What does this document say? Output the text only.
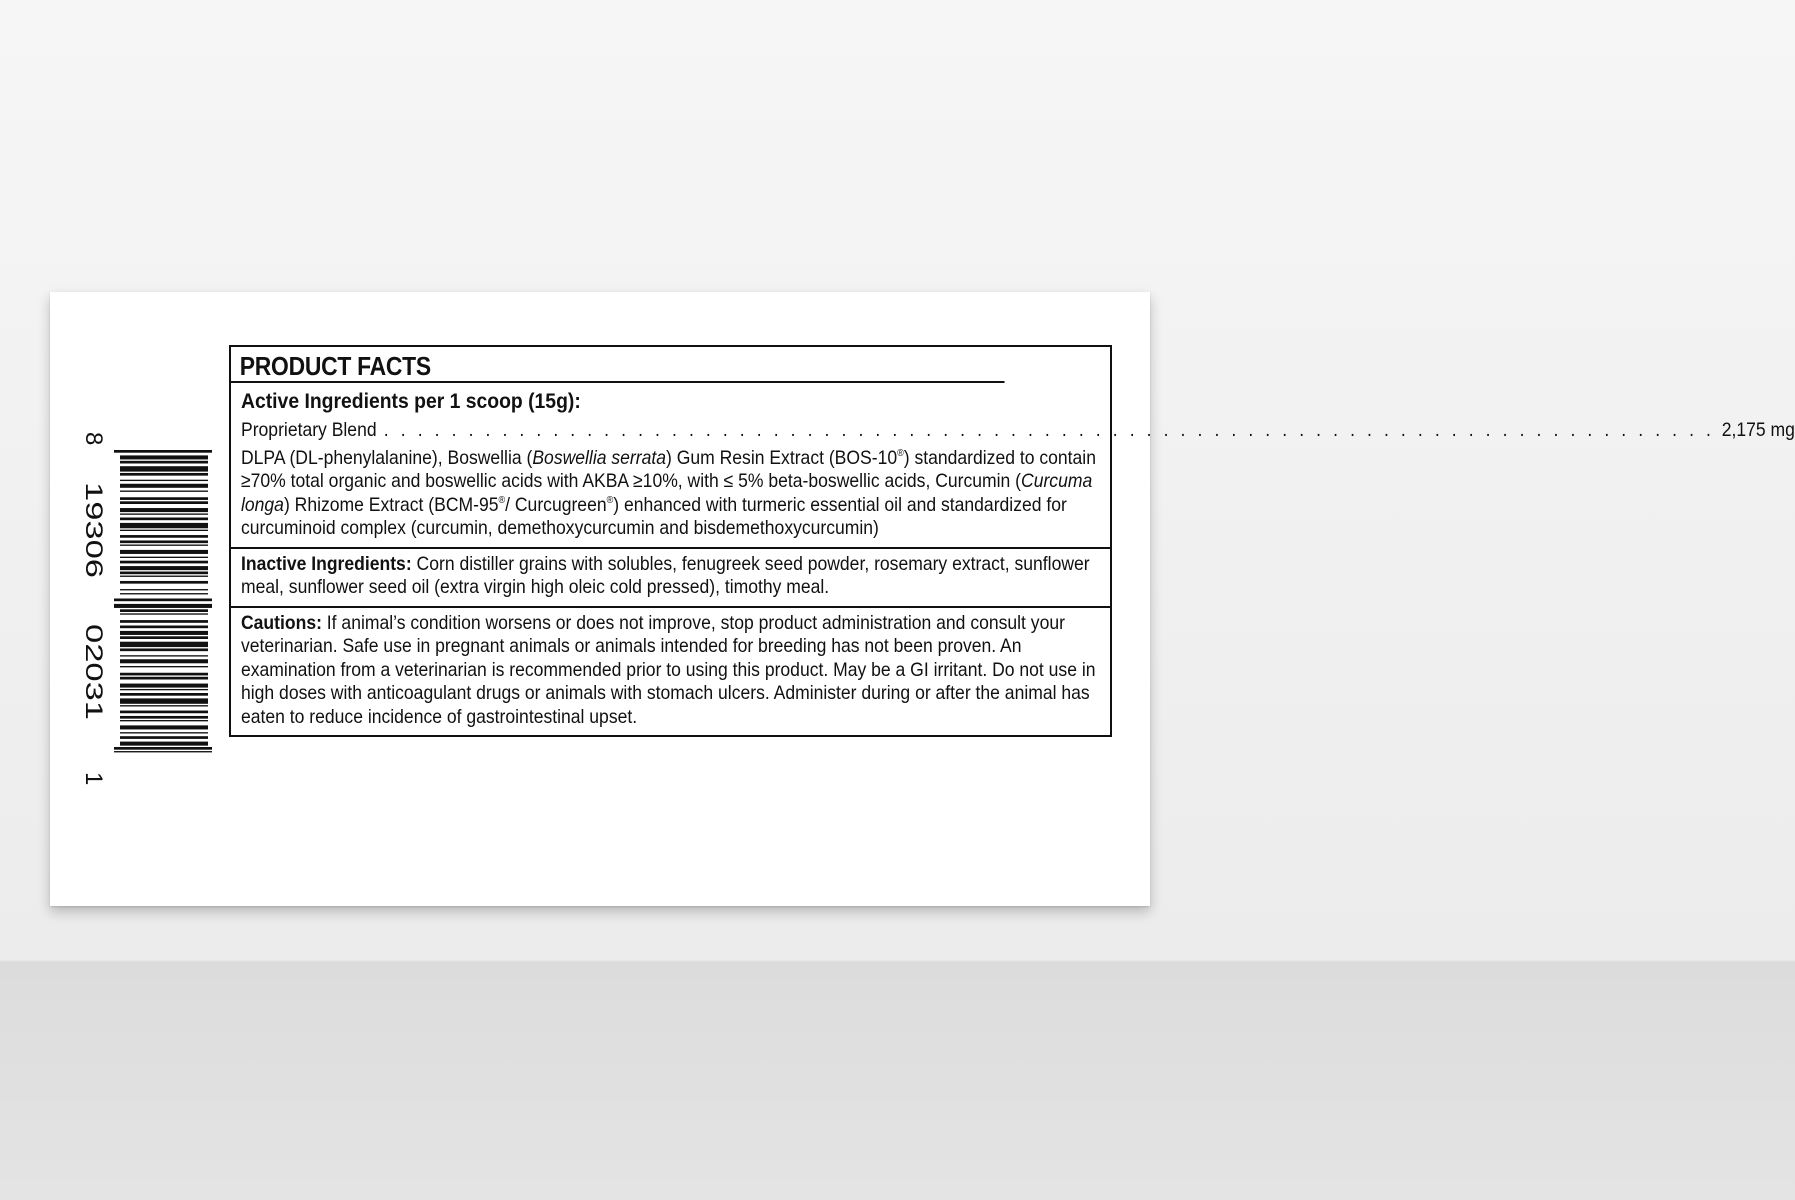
PRODUCT FACTS
Active Ingredients per 1 scoop (15g):
Proprietary Blend . . . . . . . . . . . . . . . . . . . . . . . . . . . . . . . . . . . . . . . . . . . . . . . . . . . . . . . . . . . . . . . . . . . . . . . . . . . . . . . 2,175 mg
DLPA (DL-phenylalanine), Boswellia (Boswellia serrata) Gum Resin Extract (BOS-10®) standardized to contain ≥70% total organic and boswellic acids with AKBA ≥10%, with ≤ 5% beta-boswellic acids, Curcumin (Curcuma longa) Rhizome Extract (BCM-95®/ Curcugreen®) enhanced with turmeric essential oil and standardized for curcuminoid complex (curcumin, demethoxycurcumin and bisdemethoxycurcumin)
Inactive Ingredients: Corn distiller grains with solubles, fenugreek seed powder, rosemary extract, sunflower meal, sunflower seed oil (extra virgin high oleic cold pressed), timothy meal.
Cautions: If animal’s condition worsens or does not improve, stop product administration and consult your veterinarian. Safe use in pregnant animals or animals intended for breeding has not been proven. An examination from a veterinarian is recommended prior to using this product. May be a GI irritant. Do not use in high doses with anticoagulant drugs or animals with stomach ulcers. Administer during or after the animal has eaten to reduce incidence of gastrointestinal upset.
8
19306
02031
1
